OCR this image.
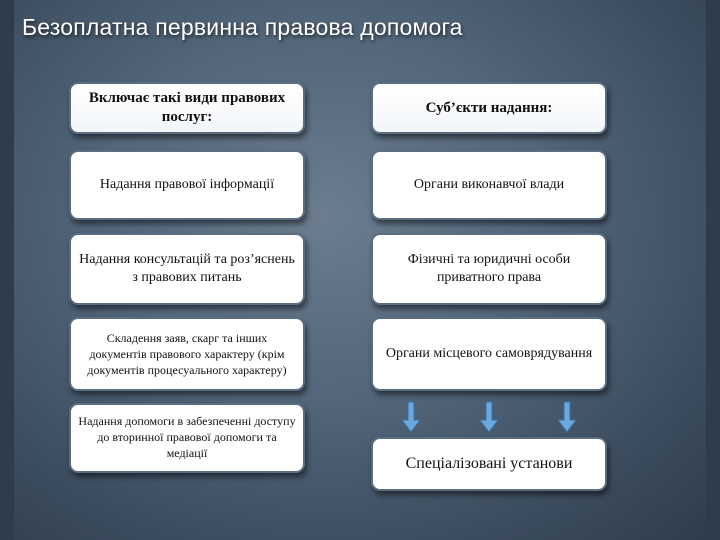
Безоплатна первинна правова допомога
Включає такі види правових послуг:
Надання правової інформації
Надання консультацій та роз’яснень з правових питань
Складення заяв, скарг та інших документів правового характеру (крім документів процесуального характеру)
Надання допомоги в забезпеченні доступу до вторинної правової допомоги та медіації
Суб’єкти надання:
Органи виконавчої влади
Фізичні та юридичні особи приватного права
Органи місцевого самоврядування
Спеціалізовані установи
